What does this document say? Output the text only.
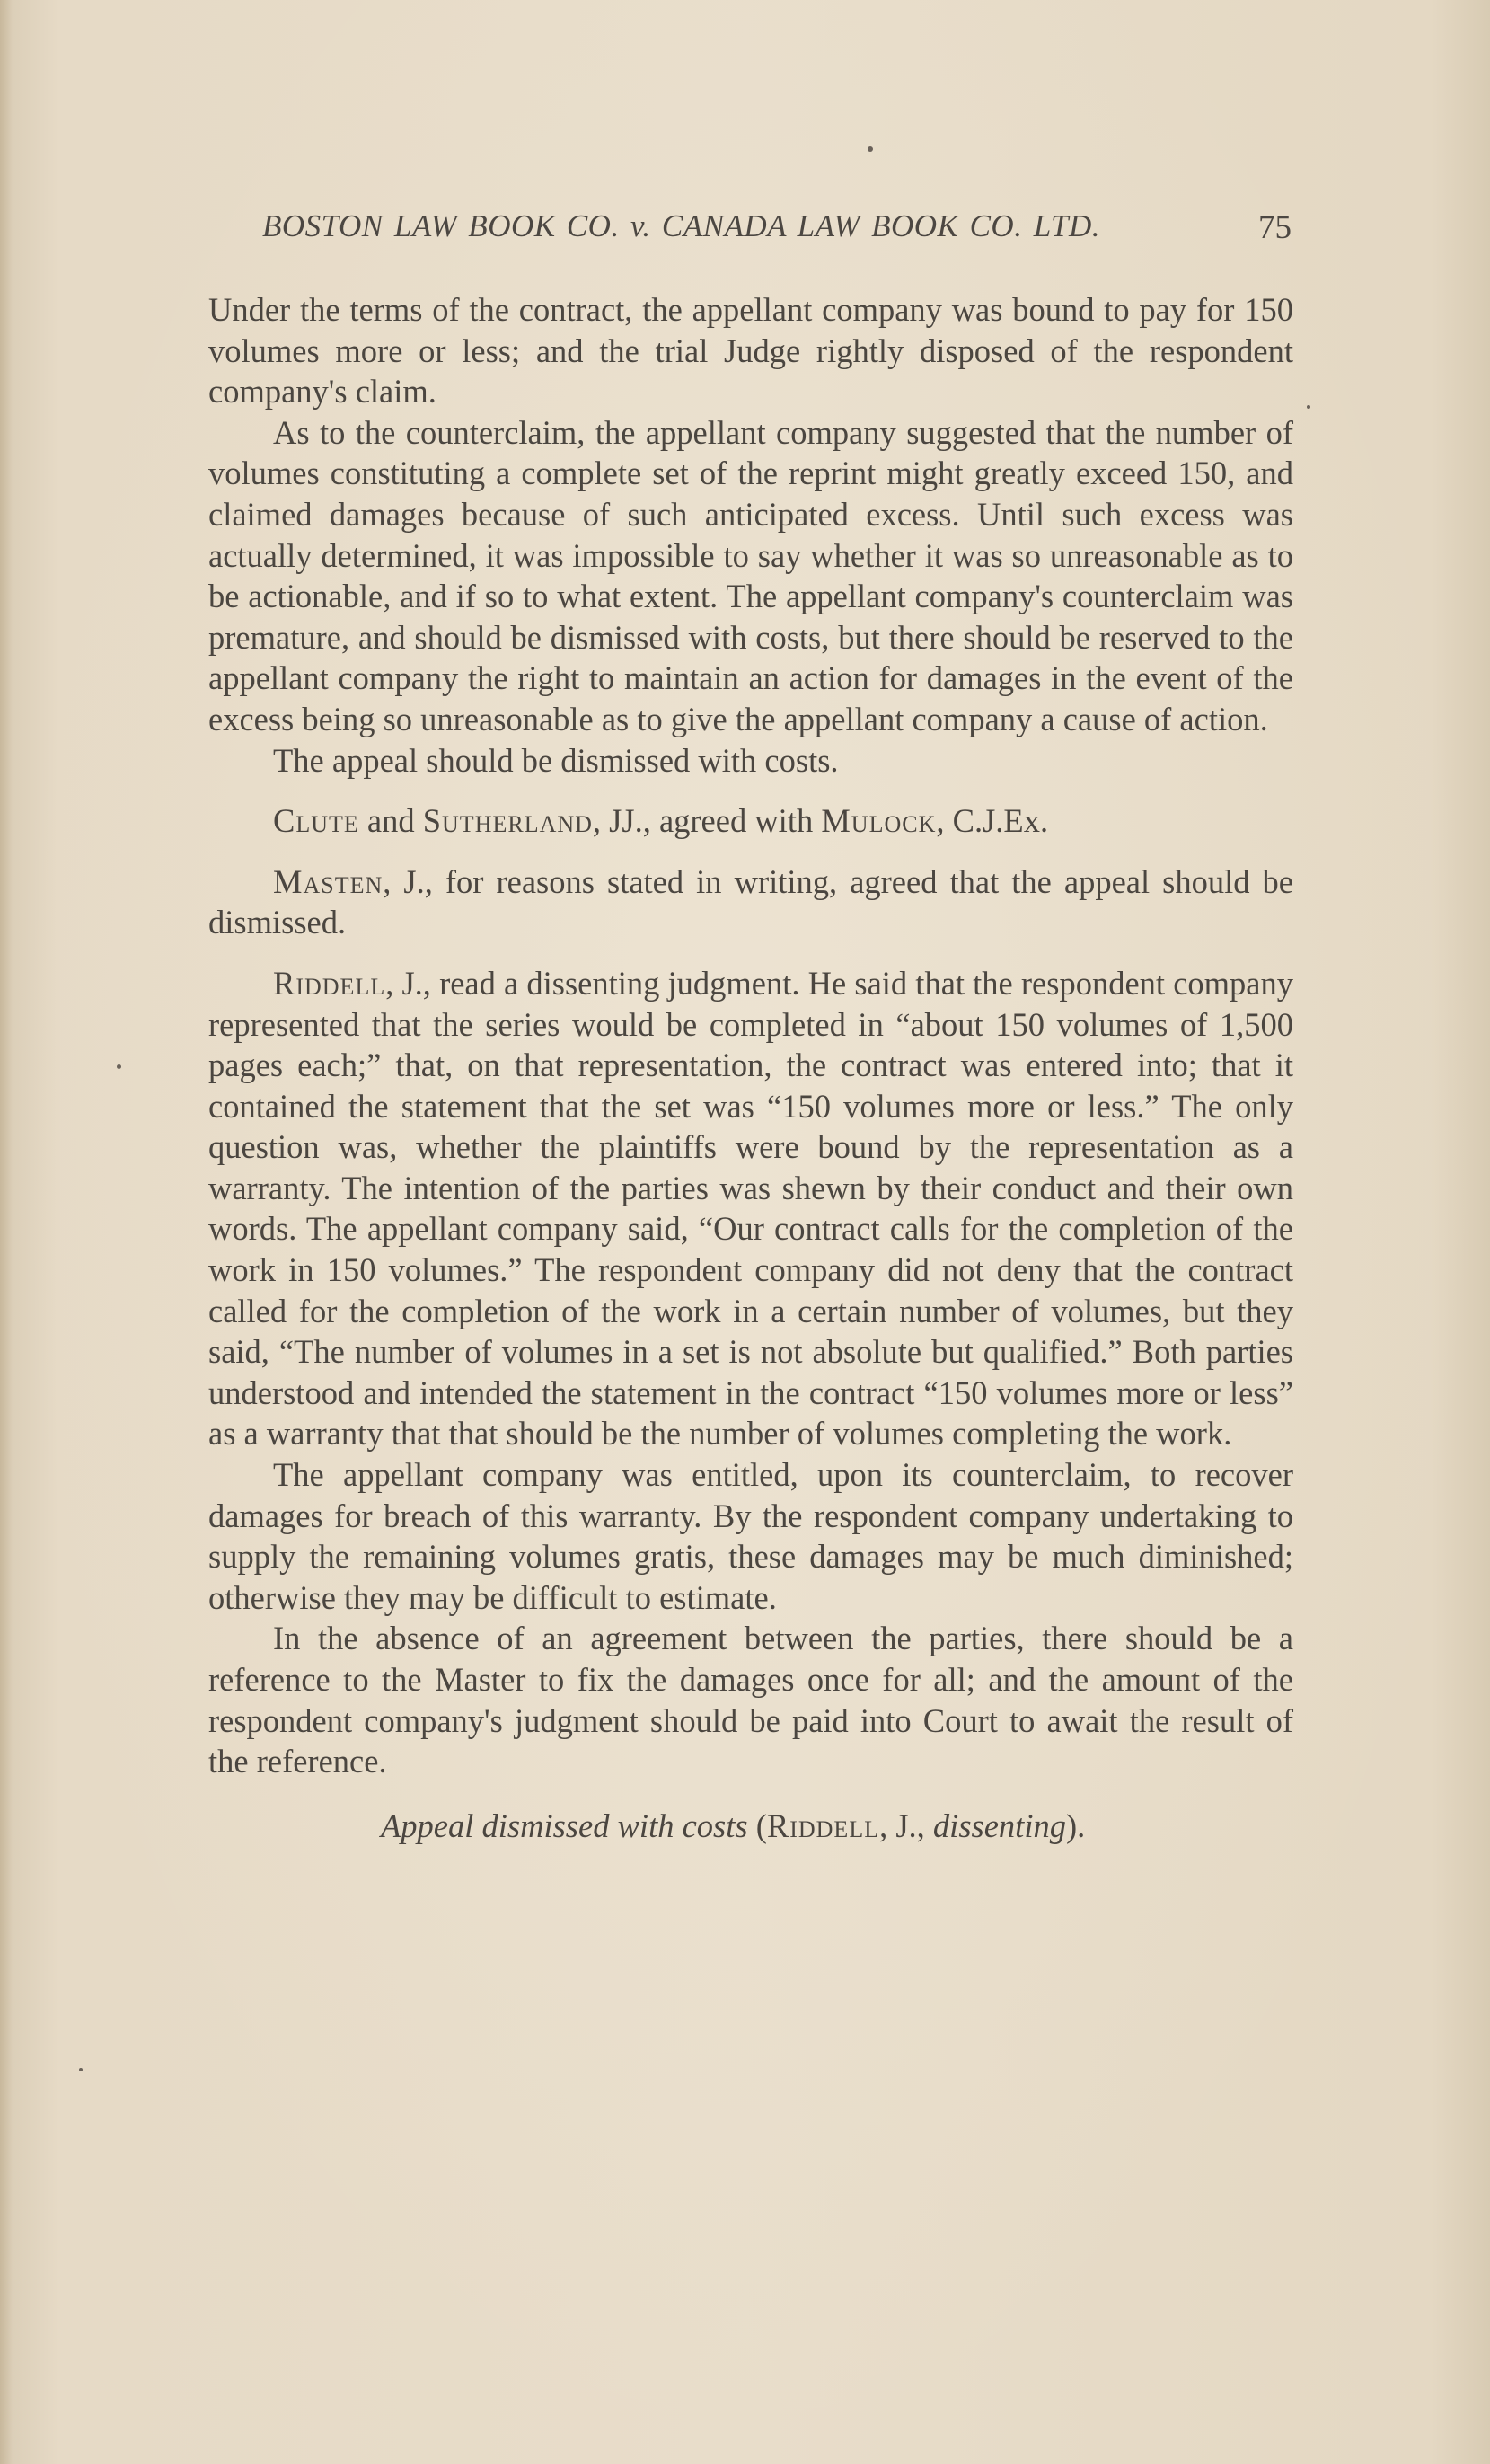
BOSTON LAW BOOK CO. v. CANADA LAW BOOK CO. LTD.	75

Under the terms of the contract, the appellant company was bound to pay for 150 volumes more or less; and the trial Judge rightly disposed of the respondent company's claim.

As to the counterclaim, the appellant company suggested that the number of volumes constituting a complete set of the reprint might greatly exceed 150, and claimed damages because of such anticipated excess. Until such excess was actually determined, it was impossible to say whether it was so unreasonable as to be actionable, and if so to what extent. The appellant company's counterclaim was premature, and should be dismissed with costs, but there should be reserved to the appellant company the right to maintain an action for damages in the event of the excess being so unreasonable as to give the appellant company a cause of action.

The appeal should be dismissed with costs.

Clute and Sutherland, JJ., agreed with Mulock, C.J.Ex.

Masten, J., for reasons stated in writing, agreed that the appeal should be dismissed.

Riddell, J., read a dissenting judgment. He said that the respondent company represented that the series would be completed in “about 150 volumes of 1,500 pages each;” that, on that representation, the contract was entered into; that it contained the statement that the set was “150 volumes more or less.” The only question was, whether the plaintiffs were bound by the representation as a warranty. The intention of the parties was shewn by their conduct and their own words. The appellant company said, “Our contract calls for the completion of the work in 150 volumes.” The respondent company did not deny that the contract called for the completion of the work in a certain number of volumes, but they said, “The number of volumes in a set is not absolute but qualified.” Both parties understood and intended the statement in the contract “150 volumes more or less” as a warranty that that should be the number of volumes completing the work.

The appellant company was entitled, upon its counterclaim, to recover damages for breach of this warranty. By the respondent company undertaking to supply the remaining volumes gratis, these damages may be much diminished; otherwise they may be difficult to estimate.

In the absence of an agreement between the parties, there should be a reference to the Master to fix the damages once for all; and the amount of the respondent company's judgment should be paid into Court to await the result of the reference.

Appeal dismissed with costs (Riddell, J., dissenting).
